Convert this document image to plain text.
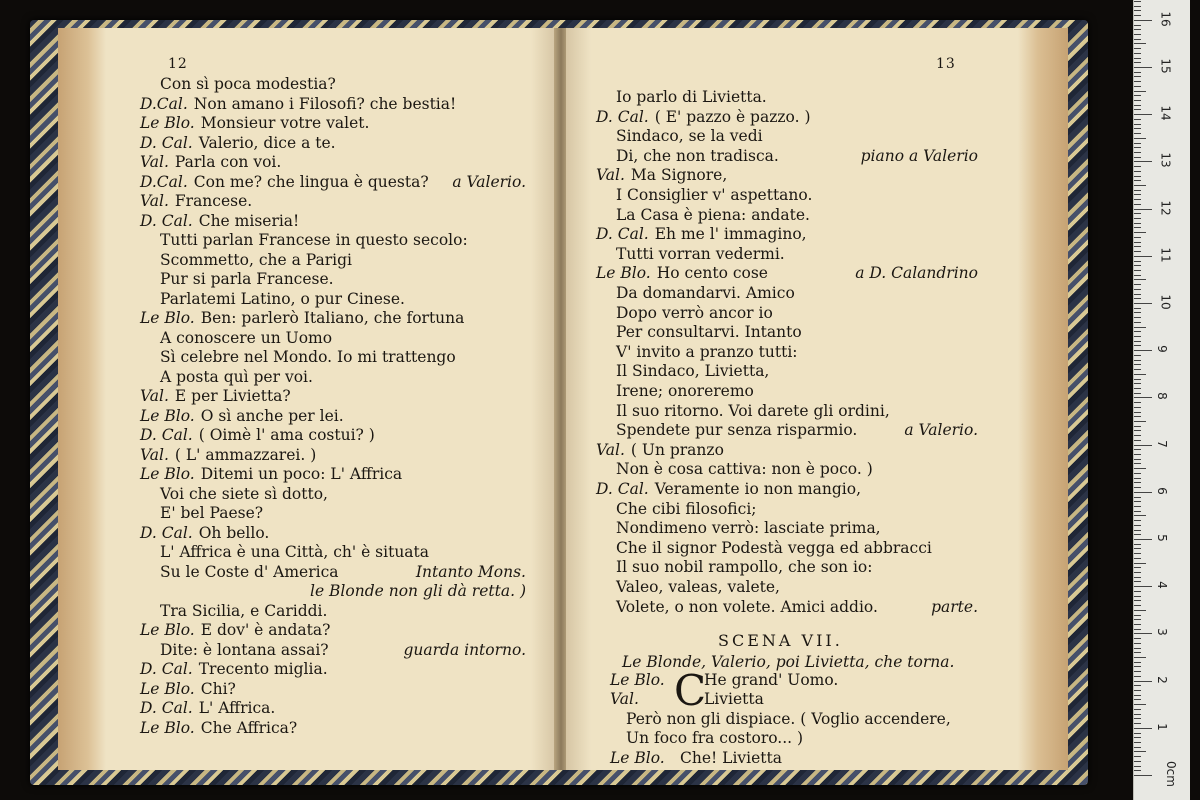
12
Con sì poca modestia?
D.Cal. Non amano i Filosofi? che bestia!
Le Blo. Monsieur votre valet.
D. Cal. Valerio, dice a te.
Val. Parla con voi.
D.Cal. Con me? che lingua è questa? a Valerio.
Val. Francese.
D. Cal. Che miseria!
Tutti parlan Francese in questo secolo:
Scommetto, che a Parigi
Pur si parla Francese.
Parlatemi Latino, o pur Cinese.
Le Blo. Ben: parlerò Italiano, che fortuna
A conoscere un Uomo
Sì celebre nel Mondo. Io mi trattengo
A posta quì per voi.
Val. E per Livietta?
Le Blo. O sì anche per lei.
D. Cal. ( Oimè l' ama costui? )
Val. ( L' ammazzarei. )
Le Blo. Ditemi un poco: L' Affrica
Voi che siete sì dotto,
E' bel Paese?
D. Cal. Oh bello.
L' Affrica è una Città, ch' è situata
Su le Coste d' America	Intanto Mons.
le Blonde non gli dà retta. )
Tra Sicilia, e Cariddi.
Le Blo. E dov' è andata?
Dite: è lontana assai?	guarda intorno.
D. Cal. Trecento miglia.
Le Blo. Chi?
D. Cal. L' Affrica.
Le Blo. Che Affrica?
13
Io parlo di Livietta.
D. Cal. ( E' pazzo è pazzo. )
Sindaco, se la vedi
Di, che non tradisca.	piano a Valerio
Val. Ma Signore,
I Consiglier v' aspettano.
La Casa è piena: andate.
D. Cal. Eh me l' immagino,
Tutti vorran vedermi.
Le Blo. Ho cento cose	a D. Calandrino
Da domandarvi. Amico
Dopo verrò ancor io
Per consultarvi. Intanto
V' invito a pranzo tutti:
Il Sindaco, Livietta,
Irene; onoreremo
Il suo ritorno. Voi darete gli ordini,
Spendete pur senza risparmio.	a Valerio.
Val. ( Un pranzo
Non è cosa cattiva: non è poco. )
D. Cal. Veramente io non mangio,
Che cibi filosofici;
Nondimeno verrò: lasciate prima,
Che il signor Podestà vegga ed abbracci
Il suo nobil rampollo, che son io:
Valeo, valeas, valete,
Volete, o non volete. Amici addio.	parte.
SCENA VII.
Le Blonde, Valerio, poi Livietta, che torna.
C
Le Blo.	He grand' Uomo.
Val.	Livietta
Però non gli dispiace. ( Voglio accendere,
Un foco fra costoro... )
Le Blo. Che! Livietta
0cm
1
2
3
4
5
6
7
8
9
10
11
12
13
14
15
16
